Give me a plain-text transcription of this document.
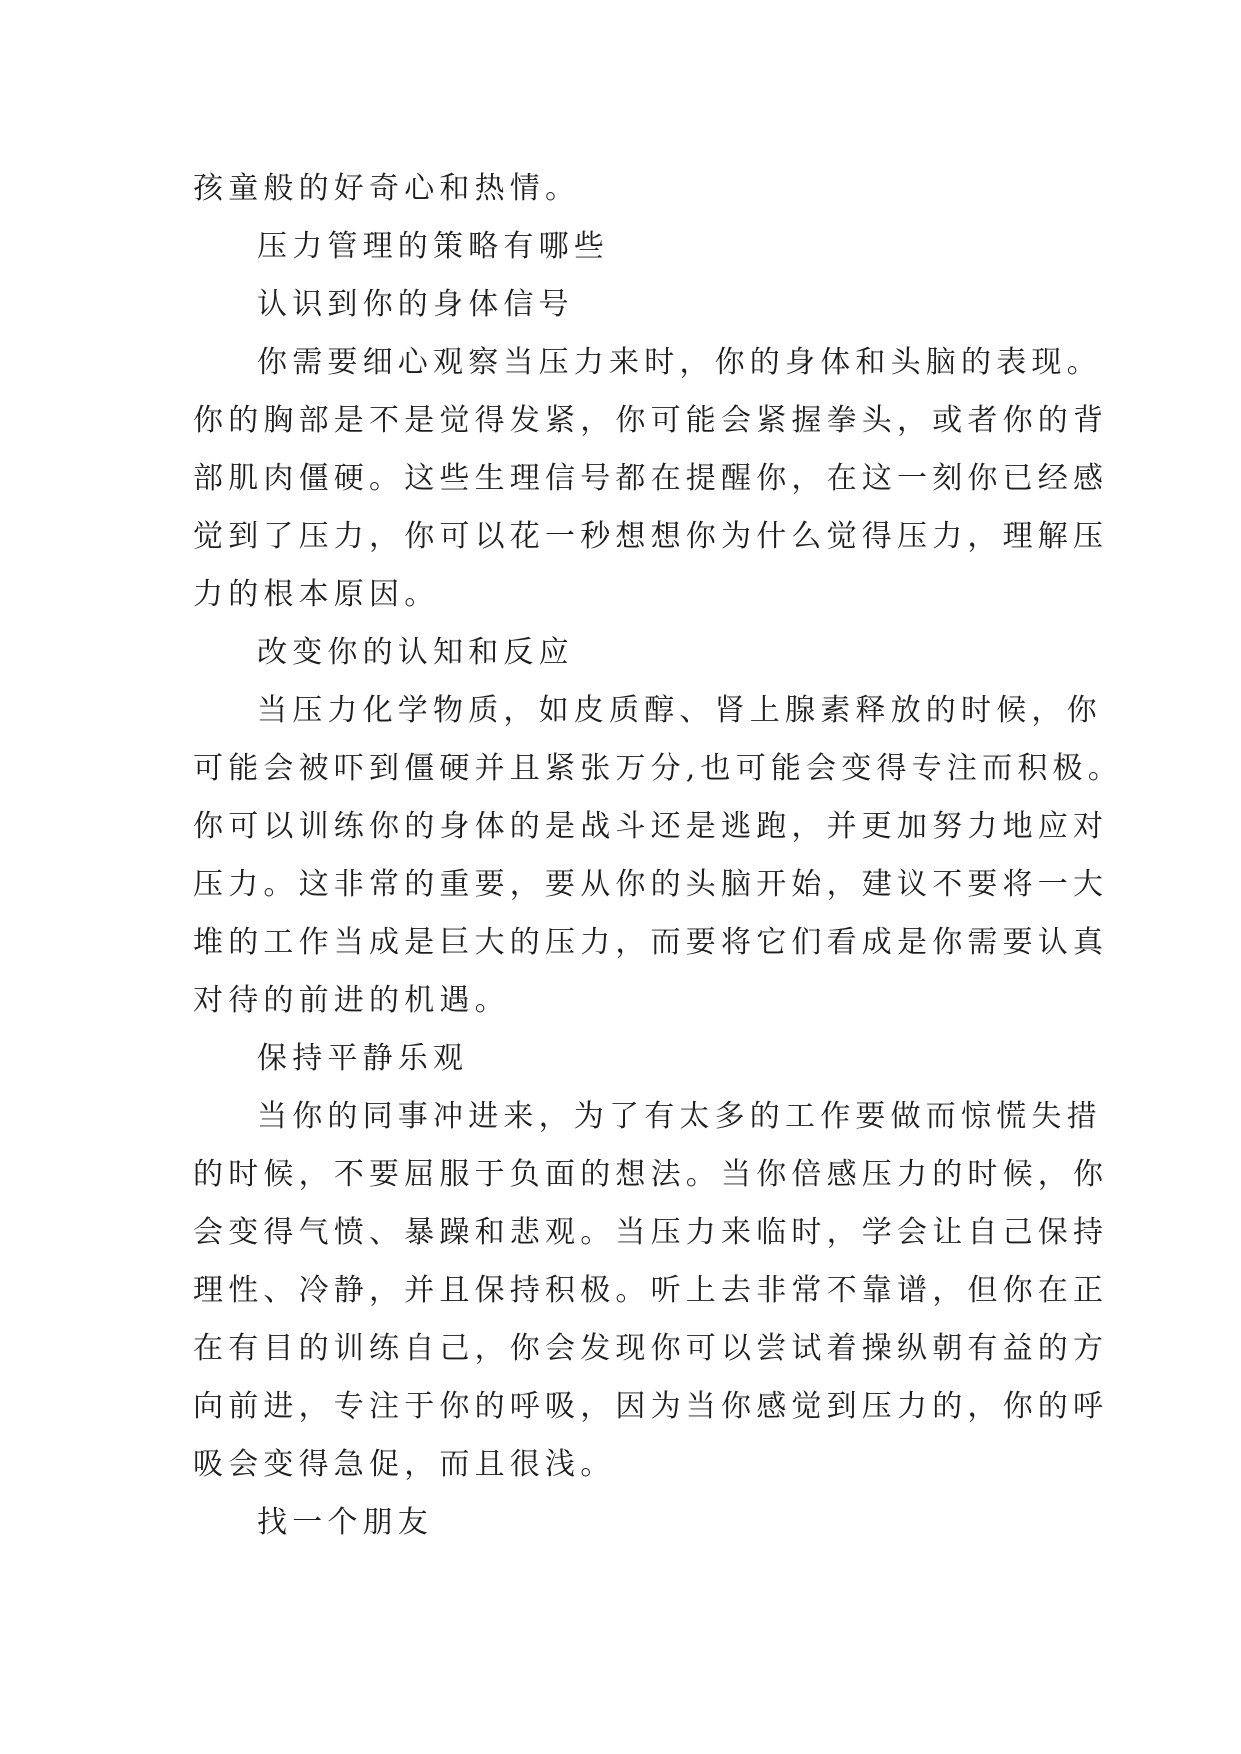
孩童般的好奇心和热情。
压力管理的策略有哪些
认识到你的身体信号
你需要细心观察当压力来时，你的身体和头脑的表现。
你的胸部是不是觉得发紧，你可能会紧握拳头，或者你的背
部肌肉僵硬。这些生理信号都在提醒你，在这一刻你已经感
觉到了压力，你可以花一秒想想你为什么觉得压力，理解压
力的根本原因。
改变你的认知和反应
当压力化学物质，如皮质醇、肾上腺素释放的时候，你
可能会被吓到僵硬并且紧张万分,也可能会变得专注而积极。
你可以训练你的身体的是战斗还是逃跑，并更加努力地应对
压力。这非常的重要，要从你的头脑开始，建议不要将一大
堆的工作当成是巨大的压力，而要将它们看成是你需要认真
对待的前进的机遇。
保持平静乐观
当你的同事冲进来，为了有太多的工作要做而惊慌失措
的时候，不要屈服于负面的想法。当你倍感压力的时候，你
会变得气愤、暴躁和悲观。当压力来临时，学会让自己保持
理性、冷静，并且保持积极。听上去非常不靠谱，但你在正
在有目的训练自己，你会发现你可以尝试着操纵朝有益的方
向前进，专注于你的呼吸，因为当你感觉到压力的，你的呼
吸会变得急促，而且很浅。
找一个朋友
